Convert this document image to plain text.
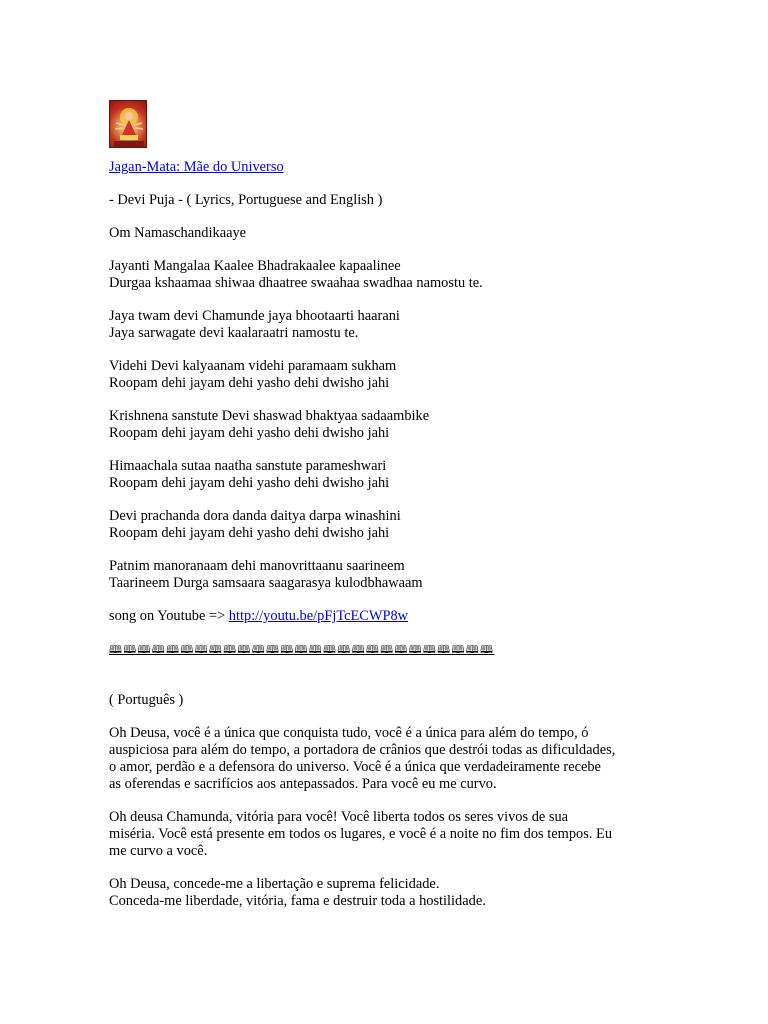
Jagan-Mata: Mãe do Universo

- Devi Puja - ( Lyrics, Portuguese and English )

Om Namaschandikaaye

Jayanti Mangalaa Kaalee Bhadrakaalee kapaalinee
Durgaa kshaamaa shiwaa dhaatree swaahaa swadhaa namostu te.

Jaya twam devi Chamunde jaya bhootaarti haarani
Jaya sarwagate devi kaalaraatri namostu te.

Videhi Devi kalyaanam videhi paramaam sukham
Roopam dehi jayam dehi yasho dehi dwisho jahi

Krishnena sanstute Devi shaswad bhaktyaa sadaambike
Roopam dehi jayam dehi yasho dehi dwisho jahi

Himaachala sutaa naatha sanstute parameshwari
Roopam dehi jayam dehi yasho dehi dwisho jahi

Devi prachanda dora danda daitya darpa winashini
Roopam dehi jayam dehi yasho dehi dwisho jahi

Patnim manoranaam dehi manovrittaanu saarineem
Taarineem Durga samsaara saagarasya kulodbhawaam

song on Youtube => http://youtu.be/pFjTcECWP8w

🕮🕮🕮🕮🕮🕮🕮🕮🕮🕮🕮🕮🕮🕮🕮🕮🕮🕮🕮🕮🕮🕮🕮🕮🕮🕮🕮

( Português )

Oh Deusa, você é a única que conquista tudo, você é a única para além do tempo, ó
auspiciosa para além do tempo, a portadora de crânios que destrói todas as dificuldades,
o amor, perdão e a defensora do universo. Você é a única que verdadeiramente recebe
as oferendas e sacrifícios aos antepassados. Para você eu me curvo.

Oh deusa Chamunda, vitória para você! Você liberta todos os seres vivos de sua
miséria. Você está presente em todos os lugares, e você é a noite no fim dos tempos. Eu
me curvo a você.

Oh Deusa, concede-me a libertação e suprema felicidade.
Conceda-me liberdade, vitória, fama e destruir toda a hostilidade.
